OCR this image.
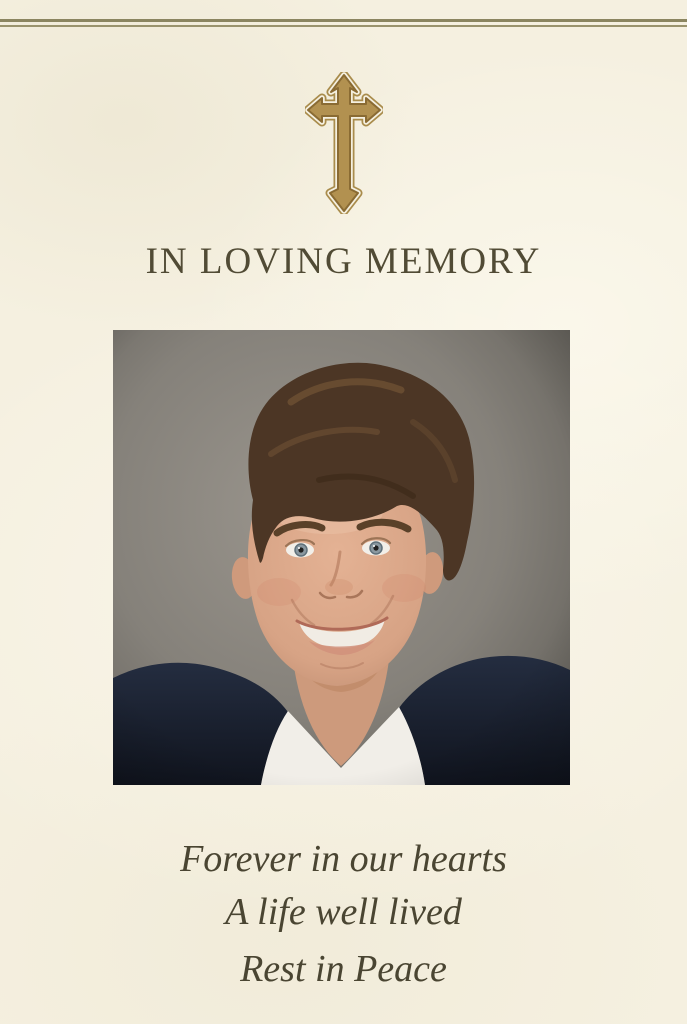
IN LOVING MEMORY
Forever in our hearts
A life well lived
Rest in Peace
